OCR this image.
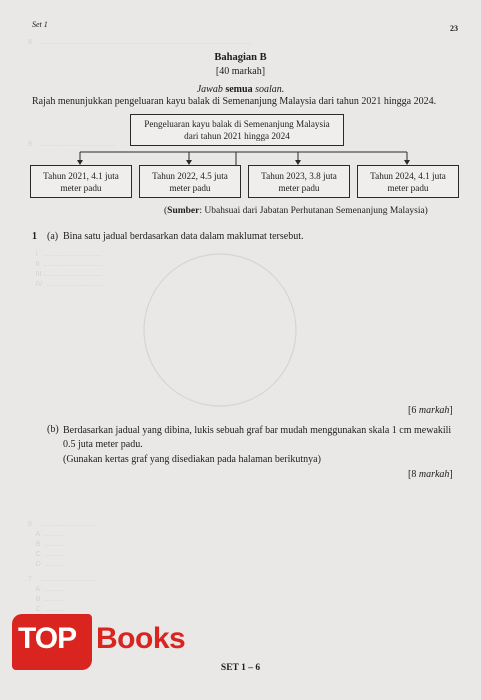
8   ..............................................................................................................
9   ........................................
I   ..............................
II  ..............................
III ..............................
IV  ..............................
6   ..............................
A  ..........
B  ..........
C  ..........
D  ..........

7   ..............................
A  ..........
B  ..........
C  ..........

Set 1	23
Bahagian B
[40 markah]
Jawab semua soalan.
Rajah menunjukkan pengeluaran kayu balak di Semenanjung Malaysia dari tahun 2021 hingga 2024.
Pengeluaran kayu balak di Semenanjung Malaysia
dari tahun 2021 hingga 2024
Tahun 2021, 4.1 juta
meter padu
Tahun 2022, 4.5 juta
meter padu
Tahun 2023, 3.8 juta
meter padu
Tahun 2024, 4.1 juta
meter padu
(Sumber: Ubahsuai dari Jabatan Perhutanan Semenanjung Malaysia)
1 (a) Bina satu jadual berdasarkan data dalam maklumat tersebut.
[6 markah]
(b) Berdasarkan jadual yang dibina, lukis sebuah graf bar mudah menggunakan skala 1 cm mewakili 0.5 juta meter padu.
(Gunakan kertas graf yang disediakan pada halaman berikutnya)
[8 markah]
SET 1 – 6
TOP Books
